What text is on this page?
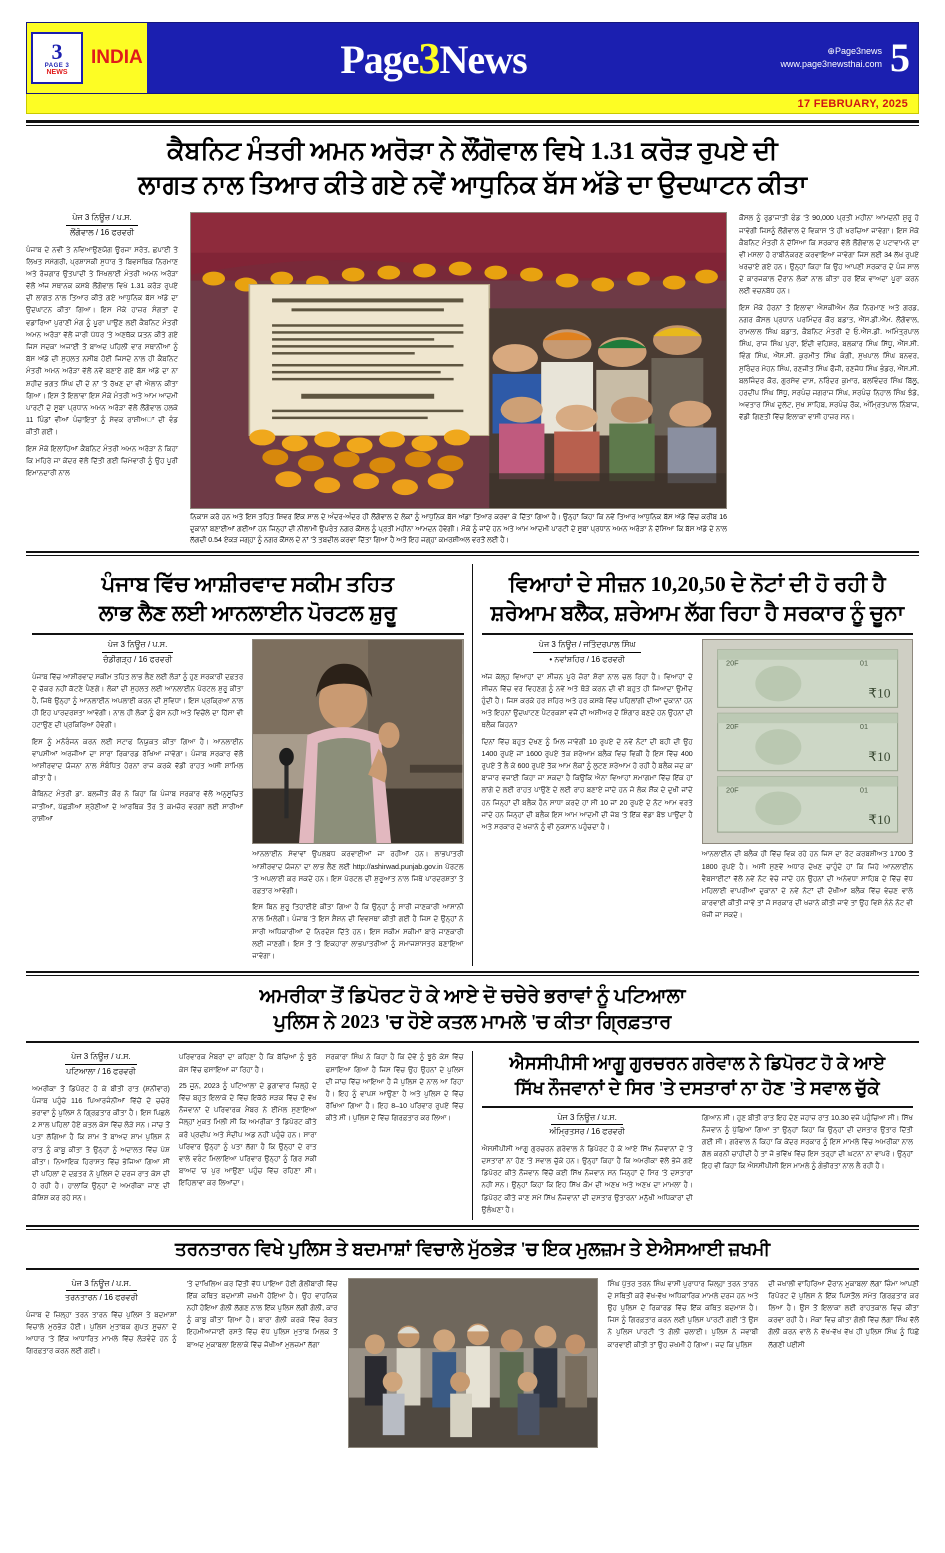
3
PAGE 3
NEWS
INDIA	Page3News	⊕Page3news
www.page3newsthai.com 5
17 FEBRUARY, 2025
ਕੈਬਨਿਟ ਮੰਤਰੀ ਅਮਨ ਅਰੋੜਾ ਨੇ ਲੌਂਗੋਵਾਲ ਵਿਖੇ 1.31 ਕਰੋੜ ਰੁਪਏ ਦੀ
ਲਾਗਤ ਨਾਲ ਤਿਆਰ ਕੀਤੇ ਗਏ ਨਵੇਂ ਆਧੁਨਿਕ ਬੱਸ ਅੱਡੇ ਦਾ ਉਦਘਾਟਨ ਕੀਤਾ
ਪੇਜ 3 ਨਿਊਜ਼ / ਪ.ਸ.
ਲੌਂਗੋਵਾਲ / 16 ਫਰਵਰੀ

ਪੰਜਾਬ ਦੇ ਨਵੀਂ ਤੇ ਨਵਿਆਉਣਯੋਗ ਊਰਜਾ ਸਰੋਤ, ਛਪਾਈ ਤੇ ਲਿਖਤ ਸਮੱਗਰੀ, ਪ੍ਰਸ਼ਾਸਕੀ ਸੁਧਾਰ ਤੇ ਬਿਵਸਥਿਕ ਨਿਰਮਾਣ ਅਤੇ ਰੋਜ਼ਗਾਰ ਉਤਪਾਦੀ ਤੇ ਸਿਖਲਾਈ ਮੰਤਰੀ ਅਮਨ ਅਰੋੜਾ ਵੱਲੋਂ ਅੱਜ ਸਥਾਨਕ ਕਸਬੇ ਲੌਂਗੋਵਾਲ ਵਿਖੇ 1.31 ਕਰੋੜ ਰੁਪਏ ਦੀ ਲਾਗਤ ਨਾਲ ਤਿਆਰ ਕੀਤੇ ਗਏ ਆਧੁਨਿਕ ਬੱਸ ਅੱਡੇ ਦਾ ਉਦਘਾਟਨ ਕੀਤਾ ਗਿਆ। ਇਸ ਮੌਕੇ ਹਾਜ਼ਰ ਸੰਗਤਾਂ ਦੇ ਵਡਾਰਿਆਂ ਪੁਰਾਣੀ ਮੰਗ ਨੂੰ ਪੂਰਾ ਪਾਉਣ ਲਈ ਕੈਬਨਿਟ ਮੰਤਰੀ ਅਮਨ ਅਰੋੜਾ ਵੱਲੋਂ ਜਾਰੀ ਪੱਧਰ 'ਤੇ ਅਣਥੱਕ ਯਤਨ ਕੀਤੇ ਗਏ ਜਿਸ ਸਦਕਾ ਅਜਾਈ ਤੋਂ ਬਾਅਦ ਪਹਿਲੀ ਵਾਰ ਸਥਾਨੀਆਂ ਨੂੰ ਬੱਸ ਅੱਡੇ ਦੀ ਸੁਹਲਤ ਨਸੀਬ ਹੋਈ ਜਿਸਦੇ ਨਾਲ ਹੀ ਕੈਬਨਿਟ ਮੰਤਰੀ ਅਮਨ ਅਰੋੜਾ ਵੱਲੋਂ ਨਵੇਂ ਬਣਾਏ ਗਏ ਬੱਸ ਅੱਡੇ ਦਾ ਨਾ ਸ਼ਹੀਦ ਭਗਤ ਸਿੰਘ ਦੀ ਦੇ ਨਾਂ 'ਤੇ ਰੱਖਣ ਦਾ ਵੀ ਐਲਾਨ ਕੀਤਾ ਗਿਆ। ਇਸ ਤੋਂ ਇਲਾਵਾ ਇਸ ਮੌਕੇ ਮੰਤਰੀ ਅਤੇ ਆਮ ਆਦਮੀ ਪਾਰਟੀ ਦੇ ਸੂਬਾ ਪ੍ਰਧਾਨ ਅਮਨ ਅਰੋੜਾ ਵੱਲੋਂ ਲੌਂਗੋਵਾਲ ਹਲਕੇ 11 ਪਿੰਡਾਂ ਵੀਆਂ ਪੰਚਾਇਤਾਂ ਨੂੰ ਸੇਵਕ ਰਾਸ਼ੀਅਾਂ ਦੀ ਵੰਡ ਕੀਤੀ ਗਈ।

ਇਸ ਮੌਕੇ ਇਲਾਹਿਆਂ ਕੈਬਨਿਟ ਮੰਤਰੀ ਅਮਨ ਅਰੋੜਾ ਨੇ ਕਿਹਾ ਕਿ ਮਹਿਰੇ ਜਾ ਕੇਂਦਰ ਵੱਲੋਂ ਦਿੱਤੀ ਗਈ ਜ਼ਿਮੇਵਾਰੀ ਨੂੰ ਉਹ ਪੂਰੀ ਇਮਾਨਦਾਰੀ ਨਾਲ

ਨਿਕਾਸ ਕਰੋ ਹਨ ਅਤੇ ਇਸ ਤਹਿਤ ਸ਼ਿਵਰ ਇੱਕ ਸਾਲ ਦੇ ਅੰਦਰ-ਅੰਦਰ ਹੀ ਲੌਂਗੋਵਾਲ ਦੇ ਲੋਕਾਂ ਨੂੰ ਆਧੁਨਿਕ ਬੱਸ ਅੱਡਾ ਤਿਆਰ ਕਰਵਾ ਕੇ ਦਿੱਤਾ ਗਿਆ ਹੈ। ਉਨ੍ਹਾਂ ਕਿਹਾ ਕਿ ਨਵੇਂ ਤਿਆਰ ਆਧੁਨਿਕ ਬੱਸ ਅੱਡੇ ਵਿੱਚ ਕਰੀਬ 16 ਦੁਕਾਨਾਂ ਬਣਾਈਆਂ ਗਈਆਂ ਹਨ ਜਿਨ੍ਹਾਂ ਦੀ ਨੀਲਾਮੀ ਉਪਰੰਤ ਨਗਰ ਕੌਂਸਲ ਨੂੰ ਪ੍ਰਤੀ ਮਹੀਨਾ ਆਮਦਨ ਹੋਵੇਗੀ। ਮੌਕੇ ਨੂੰ ਜਾਂਦੇ ਹਨ ਅਤੇ ਆਮ ਆਦਮੀ ਪਾਰਟੀ ਦੇ ਸੂਬਾ ਪ੍ਰਧਾਨ ਅਮਨ ਅਰੋੜਾ ਨੇ ਦੱਸਿਆ ਕਿ ਬੱਸ ਅੱਡੇ ਦੇ ਨਾਲ ਲੱਗਦੀ 0.54 ਏਕੜ ਜਗ੍ਹਾ ਨੂੰ ਨਗਰ ਕੌਂਸਲ ਦੇ ਨਾਂ 'ਤੇ ਤਬਦੀਲ ਕਰਵਾ ਦਿੱਤਾ ਗਿਆ ਹੈ ਅਤੇ ਇਹ ਜਗ੍ਹਾ ਕਮਰਸ਼ੀਅਲ ਵਰਤੋਂ ਲਈ ਹੈ।

ਕੌਂਸਲ ਨੂੰ ਰੁਡਾਜਾਤੀ ਫੰਡ 'ਤੇ 90,000 ਪ੍ਰਤੀ ਮਹੀਨਾ ਆਮਦਨੀ ਸ਼ੁਰੂ ਹੋ ਜਾਵੇਗੀ ਜਿਸਨੂੰ ਲੌਂਗੋਵਾਲ ਦੇ ਵਿਕਾਸ 'ਤੇ ਹੀ ਖਰਚਿਆ ਜਾਵੇਗਾ। ਇਸ ਮੌਕੇ ਕੈਬਨਿਟ ਮੰਤਰੀ ਨੇ ਦੱਸਿਆ ਕਿ ਸਰਕਾਰ ਵੱਲੋਂ ਲੌਂਗੋਵਾਲ ਦੇ ਪਟਾਵਾਮਨੇ ਦਾ ਵੀ ਮਸਲਾ ਹੋ ਰਾਬੀਨੇਕਰਣ ਕਰਵਾਇਆ ਜਾਵੇਗਾ ਜਿਸ ਲਈ 34 ਲੱਖ ਰੁਪਏ ਖਰਚਾਏ ਗਏ ਹਨ। ਉਨ੍ਹਾਂ ਕਿਹਾ ਕਿ ਉਹ ਆਪਣੀ ਸਰਕਾਰ ਦੇ ਪੰਜ ਸਾਲ ਦੇ ਕਾਰਜਕਾਲ ਦੌਰਾਨ ਲੋਕਾਂ ਨਾਲ ਕੀਤਾ ਹਰ ਇੱਕ ਵਾਅਦਾ ਪੂਰਾ ਕਰਨ ਲਈ ਵਚਨਬੱਧ ਹਨ।

ਇਸ ਮੌਕੇ ਹੋਰਨਾਂ ਤੋਂ ਇਲਾਵਾ ਐਸਕੀਐਮ ਲੋਕ ਨਿਰਮਾਣ ਅਤੇ ਗਰਡ, ਨਗਰ ਕੌਂਸਲ ਪ੍ਰਧਾਨ ਪਰਮਿੰਦਰ ਕੌਰ ਬਡਾਤ, ਐੱਸ.ਡੀ.ਐੱਮ. ਲੌਂਗੋਵਾਲ, ਰਾਮਲਾਲ ਸਿੰਘ ਬਡਾਤ, ਕੈਬਨਿਟ ਮੰਤਰੀ ਦੇ ਓ.ਐੱਸ.ਡੀ. ਅਮਿੰਤ੍ਰਪਾਲ ਸਿੰਘ, ਰਾਜ ਸਿੰਘ ਪੁਰਾ, ਇੰਦੀ ਵਹਿਸ਼ਰ, ਬਲਕਾਰ ਸਿੰਘ ਸਿੱਧੂ, ਐੱਸ.ਸੀ. ਵਿੰਗ ਸਿੰਘ, ਐੱਸ.ਸੀ. ਕੁਰਮੀਤ ਸਿੰਘ ਕੰਗੀ, ਸੁਖਪਾਲ ਸਿੰਘ ਬਨਵਰ, ਸੁਰਿੰਦਰ ਮੋਹਨ ਸਿੰਘ, ਰਣਜੀਤ ਸਿੰਘ ਫੌਜੀ, ਰਣਜੋਧ ਸਿੰਘ ਭੰਡਰ, ਐੱਸ.ਸੀ. ਬਲਜਿੰਦਰ ਕੌਰ, ਗੁਰਸੇਵ ਦਾਸ, ਨਰਿੰਦਰ ਕੁਮਾਰ, ਬਲਵਿੰਦਰ ਸਿੰਘ ਬਿੱਲੂ, ਹਰਦੀਪ ਸਿੰਘ ਸਿੱਧੂ, ਸਰਪੰਚ ਜਗਰਾਜ ਸਿੰਘ, ਸਰਪੰਚ ਨਿਹਾਲ ਸਿੰਘ ਝੰਡੇ, ਅਵਤਾਰ ਸਿੰਘ ਦੁਲੱਟ, ਸੁਖ ਸਾਹਿਬ, ਸਰਪੰਚ ਰੌਕ, ਅੰਮ੍ਰਿਤਪਾਲ ਨਿੰਬਾਜ, ਵੱਡੀ ਗਿਣਤੀ ਵਿੱਚ ਇਲਾਕਾ ਵਾਸੀ ਹਾਜ਼ਰ ਸਨ।

ਪੰਜਾਬ ਵਿੱਚ ਆਸ਼ੀਰਵਾਦ ਸਕੀਮ ਤਹਿਤ
ਲਾਭ ਲੈਣ ਲਈ ਆਨਲਾਈਨ ਪੋਰਟਲ ਸ਼ੁਰੂ
ਪੇਜ 3 ਨਿਊਜ਼ / ਪ.ਸ.
ਚੰਡੀਗੜ੍ਹ / 16 ਫਰਵਰੀ

ਪੰਜਾਬ ਵਿੱਚ ਆਸ਼ੀਰਵਾਦ ਸਕੀਮ ਤਹਿਤ ਲਾਭ ਲੈਣ ਲਈ ਲੋੜਾਂ ਨੂੰ ਹੁਣ ਸਰਕਾਰੀ ਦਫ਼ਤਰ ਦੇ ਚੱਕਰ ਨਹੀਂ ਕੱਟਣੇ ਪੈਣਗੇ। ਲੋਕਾਂ ਦੀ ਸੁਹਲਤ ਲਈ ਆਨਲਾਈਨ ਪੋਰਟਲ ਸ਼ੁਰੂ ਕੀਤਾ ਹੈ, ਜਿਥੇ ਉਨ੍ਹਾਂ ਨੂੰ ਆਨਲਾਈਨ ਅਪਲਾਈ ਕਰਨ ਦੀ ਸੁਵਿਧਾ। ਇਸ ਪ੍ਰਕ੍ਰਿਆ ਨਾਲ ਹੀ ਇਹ ਪਾਰਦਰਸ਼ਤਾ ਆਵੇਗੀ। ਨਾਲ ਹੀ ਲੋਕਾਂ ਨੂੰ ਫੇਸ ਨਹੀਂ ਅਤੇ ਵਿਚੋਂਲੇ ਦਾ ਹਿੱਸਾ ਵੀ ਹਟਾਉਣ ਦੀ ਪ੍ਰਕਿਰਿਆ ਹੋਵੇਗੀ।

ਇਸ ਨੂੰ ਮਨੋਰੰਜਨ ਕਰਨ ਲਈ ਸਟਾਫ ਨਿਯੁਕਤ ਕੀਤਾ ਗਿਆ ਹੈ। ਆਨਲਾਈਨ ਵਾਪਸੀਆਂ ਅਰਜੀਆਂ ਦਾ ਸਾਰਾ ਰਿਕਾਰਡ ਰੱਖਿਆ ਜਾਵੇਗਾ। ਪੰਜਾਬ ਸਰਕਾਰ ਵੱਲੋਂ ਆਸ਼ੀਰਵਾਦ ਯੋਜਨਾ ਨਾਲ ਸੰਬੰਧਿਤ ਹੋਰਨਾਂ ਰਾਜ ਕਰਕੇ ਵੱਡੀ ਰਾਹਤ ਅਸੀਂ ਸ਼ਾਮਿਲ ਕੀਤਾ ਹੈ।

ਕੈਬਿਨਟ ਮੰਤਰੀ ਡਾ. ਬਲਜੀਤ ਕੌਰ ਨੇ ਕਿਹਾ ਕਿ ਪੰਜਾਬ ਸਰਕਾਰ ਵੱਲੋਂ ਅਨੁਸੂਚਿਤ ਜਾਤੀਆਂ, ਪੱਛੜੀਆਂ ਸ਼੍ਰੇਣੀਆਂ ਦੇ ਆਰਥਿਕ ਤੌਰ ਤੇ ਕਮਜ਼ੋਰ ਵਰਗਾਂ ਲਈ ਸਾਰੀਆਂ ਰਾਸ਼ੀਆਂ

ਆਨਲਾਈਨ ਸੇਵਾਵਾਂ ਉਪਲਬਧ ਕਰਵਾਈਆਂ ਜਾ ਰਹੀਆਂ ਹਨ। ਲਾਭਪਾਤਰੀ ਆਸ਼ੀਰਵਾਦ ਯੋਜਨਾ ਦਾ ਲਾਭ ਲੈਣ ਲਈ http://ashirwad.punjab.gov.in ਪੋਰਟਲ 'ਤੇ ਅਪਲਾਈ ਕਰ ਸਕਦੇ ਹਨ। ਇਸ ਪੋਰਟਲ ਦੀ ਸ਼ੁਰੂਆਤ ਨਾਲ ਜਿਥੇ ਪਾਰਦਰਸ਼ਤਾ ਤੇ ਰਫ਼ਤਾਰ ਆਵੇਗੀ।

ਇਸ ਬਿਨ ਸ਼ੁਰੂ ਤਿਹਾਈਏ ਕੀਤਾ ਗਿਆ ਹੈ ਕਿ ਉਨ੍ਹਾਂ ਨੂੰ ਸਾਰੀ ਜਾਣਕਾਰੀ ਆਸਾਨੀ ਨਾਲ ਮਿਲੇਗੀ। ਪੰਜਾਬ 'ਤੇ ਇਸ ਸ਼ੈਸ਼ਨ ਦੀ ਵਿਵਸਥਾ ਕੀਤੀ ਗਈ ਹੈ ਜਿਸ ਦੇ ਉਨ੍ਹਾਂ ਨੇ ਸਾਰੀ ਅਧਿਕਾਰੀਆਂ ਦੇ ਨਿਰਦੇਸ਼ ਦਿੱਤੇ ਹਨ। ਇਸ ਸਕੀਮ ਸਕੀਮਾਂ ਬਾਰੇ ਜਾਣਕਾਰੀ ਲਈ ਜਾਣਗੀ। ਇਸ ਤੋਂ 'ਤੇ ਇਕਹਾਰਾ ਲਾਭਪਾਤਰੀਆਂ ਨੂੰ ਸਮਾਜਸ਼ਾਸਤਰ ਬਣਾਇਆ ਜਾਵੇਗਾ।

ਵਿਆਹਾਂ ਦੇ ਸੀਜ਼ਨ 10,20,50 ਦੇ ਨੋਟਾਂ ਦੀ ਹੋ ਰਹੀ ਹੈ
ਸ਼ਰੇਆਮ ਬਲੈਕ, ਸ਼ਰੇਆਮ ਲੱਗ ਰਿਹਾ ਹੈ ਸਰਕਾਰ ਨੂੰ ਚੂਨਾ
ਪੇਜ 3 ਨਿਊਜ਼ / ਜਤਿੰਦਰਪਾਲ ਸਿੰਘ
• ਨਵਾਂਸ਼ਹਿਰ / 16 ਫਰਵਰੀ

ਅੱਜ ਕੱਲ੍ਹ ਵਿਆਹਾਂ ਦਾ ਸੀਜ਼ਨ ਪੂਰੇ ਜ਼ੋਰਾਂ ਸ਼ੋਰਾਂ ਨਾਲ ਚਲ ਰਿਹਾ ਹੈ। ਵਿਆਹਾਂ ਦੇ ਸੀਜ਼ਨ ਵਿੱਚ ਵਰ ਵਿਹਣਗ ਨੂੰ ਨਵੇਂ ਅਤੇ ਥੋੜੇ ਕਰਨ ਦੀ ਵੀ ਬਹੁਤ ਹੀ ਜਿਆਦਾ ਉਮੀਦ ਹੁੰਦੀ ਹੈ। ਜਿਸ ਕਰਕੇ ਹਰ ਸ਼ਹਿਰ ਅਤੇ ਹਰ ਕਸਬੇ ਵਿੱਚ ਪਹਿਲਾਂਗੀ ਦੀਆਂ ਦੁਕਾਨਾਂ ਹਨ ਅਤੇ ਇਹਨਾਂ ਉਦਘਾਟਣ ਪੈਟਰਕਸ਼ਾਂ ਵਜੋਂ ਦੀ ਅਸ਼ੀਅਰ ਦੇ ਸ਼ਿੰਗਾਰ ਬਣਦੇ ਹਨ ਉਹਨਾਂ ਦੀ ਥਲੈਕ ਕਿਹਨ?

ਦਿਨਾਂ ਵਿੱਚ ਬਹੁਤ ਦੇਖਣ ਨੂੰ ਮਿਲ ਜਾਵੇਗੀ 10 ਰੁਪਏ ਦੇ ਨਵੇਂ ਨੋਟਾਂ ਦੀ ਬਹੀ ਦੀ ਉਹ 1400 ਰੁਪਏ ਜਾਂ 1600 ਰੁਪਏ ਤੱਕ ਸ਼ਰੇਆਮ ਬਲੈਕ ਵਿਚ ਵਿਕੀ ਹੈ ਇਸ ਵਿੱਚ 400 ਰੁਪਏ ਤੋਂ ਲੈ ਕੇ 600 ਰੁਪਏ ਤੱਕ ਆਮ ਲੋਕਾਂ ਨੂੰ ਲੁਟਣ ਸ਼ਰੇਆਮ ਹੋ ਰਹੀ ਹੈ ਬਲੈਕ ਜਦ ਕਾ ਬਾਜਾਰ ਵਜਾਈ ਕਿਹਾ ਜਾ ਸਕਦਾ ਹੈ ਕਿਉਂਕਿ ਐਨਾ ਵਿਆਹਾਂ ਸਮਾਗਮਾਂ ਵਿੱਚ ਇੱਕ ਹਾਂ ਲਾਂਗੇ ਦੇ ਲਈ ਰਾਹਤ ਪਾਉਣੇ ਦੇ ਲਈ ਰਾਹ ਬਣਾਏ ਜਾਂਦੇ ਹਨ ਜੋ ਲੋਕ ਸ਼ੌਂਕ ਦੇ ਦੁਖੀ ਜਾਂਦੇ ਹਨ ਜਿਨ੍ਹਾਂ ਦੀ ਬਲੈਕ ਹੈਨ ਸਾਧਾ ਕਰਦੇ ਹਾਂ ਸੀ 10 ਜਾਂ 20 ਰੁਪਏ ਦੇ ਨੋਟ ਆਮ ਵਰਤੇ ਜਾਂਦੇ ਹਨ ਜਿਨ੍ਹਾਂ ਦੀ ਬਲੈਕ ਇਸ ਆਮ ਆਦਮੀ ਦੀ ਜੇਬ 'ਤੇ ਇੱਕ ਵੱਡਾ ਬੋਝ ਪਾਉਂਦਾ ਹੈ ਅਤੇ ਸਰਕਾਰ ਦੇ ਖਜ਼ਾਨੇ ਨੂੰ ਵੀ ਨੁਕਸਾਨ ਪਹੁੰਚਦਾ ਹੈ।

20F	01
₹10
20F	01
₹10
20F	01
₹10
ਆਨਲਾਈਨ ਦੀ ਬਲੈਕ ਹੀ ਵਿੱਚ ਵਿਕ ਰਹੇ ਹਨ ਜਿਸ ਦਾ ਰੇਟ ਕਰਬਸ਼ੀਅਤ 1700 ਤੋਂ 1800 ਰੁਪਏ ਹੈ। ਅਸੀਂ ਸੁਣਵੇਂ ਅਧਾਰ ਦੇਖਣ ਚਾਹੁੰਦੇ ਹਾਂ ਕਿ ਜਿਹੇ ਆਨਲਾਈਨ ਵੈਬਸਾਈਟਾਂ ਵੱਲੋਂ ਨਵੇਂ ਨੋਟ ਵੇਚੇ ਜਾਂਦੇ ਹਨ ਉਹਨਾਂ ਦੀ ਅਨੇਵਧਾ ਸਾਹਿਬ ਦੇ ਵਿੱਚ ਵੱਧ ਮਹਿਲਾਈ ਵਾਪਰੀਆਂ ਦੁਕਾਨਾਂ ਦੇ ਨਵੇਂ ਨੋਟਾਂ ਦੀ ਦੋਖੀਆਂ ਬਲੈਕ ਵਿੱਚ ਵੇਚਣ ਵਾਲੇ ਕਾਰਵਾਈ ਕੀਤੀ ਜਾਵੇ ਤਾਂ ਜੋ ਸਰਕਾਰ ਦੀ ਖਜ਼ਾਨੇ ਕੀਤੀ ਜਾਵੇ ਤਾਂ ਉਹ ਵਿਸ਼ੇ ਨੰਨੇ ਨੋਟ ਵੀ ਖੋਜੀ ਜਾ ਸਕਦੇ।
ਅਮਰੀਕਾ ਤੋਂ ਡਿਪੋਰਟ ਹੋ ਕੇ ਆਏ ਦੋ ਚਚੇਰੇ ਭਰਾਵਾਂ ਨੂੰ ਪਟਿਆਲਾ
ਪੁਲਿਸ ਨੇ 2023 'ਚ ਹੋਏ ਕਤਲ ਮਾਮਲੇ 'ਚ ਕੀਤਾ ਗ੍ਰਿਫ਼ਤਾਰ
ਪੇਜ 3 ਨਿਊਜ਼ / ਪ.ਸ.
ਪਟਿਆਲਾ / 16 ਫਰਵਰੀ

ਅਮਰੀਕਾ ਤੋਂ ਡਿਪੋਰਟ ਹੋ ਕੇ ਬੀਤੀ ਰਾਤ (ਸ਼ਨੀਵਾਰ) ਪੰਜਾਬ ਪਹੁੰਚੇ 116 ਪਿਆਰਜੰਨੀਆਂ ਵਿੱਚੋਂ ਦੋ ਚਚੇਰੇ ਭਰਾਵਾਂ ਨੂੰ ਪੁਲਿਸ ਨੇ ਗ੍ਰਿਫ਼ਤਾਰ ਕੀਤਾ ਹੈ। ਇਸ ਪਿਛਲੇ 2 ਸਾਲ ਪਹਿਲਾਂ ਹੋਏ ਕਤਲ ਕੇਸ ਵਿੱਚ ਲੋੜੇ ਸਨ। ਜਾਂਚ ਤੋਂ ਪਤਾ ਲੱਗਿਆ ਹੈ ਕਿ ਸ਼ਾਮ ਤੋਂ ਬਾਅਦ ਸ਼ਾਮ ਪੁਲਿਸ ਨੇ ਰਾਤ ਨੂੰ ਕਾਬੂ ਕੀਤਾ ਤੇ ਉਨ੍ਹਾਂ ਨੂੰ ਅਦਾਲਤ ਵਿੱਚ ਪੇਸ਼ ਕੀਤਾ। ਨਿਆਇਕ ਹਿਰਾਸਤ ਵਿੱਚ ਭੇਜਿਆ ਗਿਆ ਸੀ ਦੀ ਪਹਿਲਾਂ ਦੇ ਦਫ਼ਤਰ ਨੇ ਪੁਲਿਸ ਦੇ ਦਰਜ ਰਾਤ ਕੇਸ ਦੀ ਹੋ ਰਹੀ ਹੈ। ਹਾਲਾਂਕਿ ਉਨ੍ਹਾਂ ਦੇ ਅਮਰੀਕਾ ਜਾਣ ਦੀ ਕੋਸ਼ਿਸ਼ ਕਰ ਰਹੇ ਸਨ।

ਪਰਿਵਾਰਕ ਮੈਂਬਰਾਂ ਦਾ ਕਹਿਣਾ ਹੈ ਕਿ ਬੱਚਿਆਂ ਨੂੰ ਝੂਠੇ ਕੇਸ ਵਿੱਚ ਫਸਾਇਆ ਜਾ ਰਿਹਾ ਹੈ।

25 ਜੂਨ, 2023 ਨੂੰ ਪਟਿਆਲਾ ਦੇ ਡੁਗਾਵਾਰ ਜ਼ਿਲ੍ਹੇ ਦੇ ਵਿੱਚ ਬਹੁਤ ਇਲਾਕੇ ਦੇ ਵਿੱਚ ਇਕੱਠੇ ਸੜਕ ਵਿੱਚ ਦੋ ਵੱਖ ਨੌਜਵਾਨਾਂ ਦੇ ਪਰਿਵਾਰਕ ਮੈਂਬਰ ਨੇ ਈਮੇਲ ਸੁਣਾਇਆ ਜੇਲ੍ਹਾਂ ਮੁਕਤ ਮਿਲੀ ਸੀ ਕਿ ਅਮਰੀਕਾ ਤੋਂ ਡਿਪੋਰਟ ਕੀਤੇ ਕਰੋ ਪ੍ਰਦੀਪ ਅਤੇ ਸੰਦੀਪ ਅਡ ਨਹੀਂ ਪਹੁੰਚੇ ਹਨ। ਸਾਰਾ ਪਰਿਵਾਰ ਉਨ੍ਹਾਂ ਨੂੰ ਪਤਾ ਲੱਗਾ ਹੈ ਕਿ ਉਨ੍ਹਾਂ ਦੇ ਰਾਤ ਵਾਲੇ ਵਰੰਟ ਮਿਲਾਇਆ ਪਰਿਵਾਰ ਉਨ੍ਹਾਂ ਨੂੰ ਗਿਰ ਸਕੀ ਬਾਅਦ 'ਚ ਪੁਰ ਆਉਣਾ ਪਹੁੰਚ ਵਿੱਚ ਰਹਿਣਾ ਸੀ। ਇਹਿਲਾਵਾ ਕਰ ਲਿਆਂਦਾ।

ਸਰਕਾਰਾ ਸਿੰਘ ਨੇ ਕਿਹਾ ਹੈ ਕਿ ਦੋਵੇਂ ਨੂੰ ਝੂਠੇ ਕੇਸ ਵਿੱਚ ਫਸਾਇਆ ਗਿਆ ਹੈ ਜਿਸ ਵਿੱਚ ਉਹ ਉਹਨਾਂ ਦੇ ਪੁਲਿਸ ਦੀ ਜਾਂਚ ਵਿੱਚ ਆਇਆ ਹੈ ਜੋ ਪੁਲਿਸ ਦੇ ਨਾਲ ਆ ਰਿਹਾ ਹੈ। ਇਹ ਨੂੰ ਵਾਪਸ ਆਉਣਾ ਹੈ ਅਤੇ ਪੁਲਿਸ ਦੇ ਵਿੱਚ ਰੱਖਿਆ ਗਿਆ ਹੈ। ਇਹ 8–10 ਪਰਿਵਾਰ ਰੁਪਏ ਵਿੱਚ ਕੀਤੇ ਸੀ। ਪੁਲਿਸ ਦੇ ਵਿੱਚ ਗਿਰਫ਼ਤਾਰ ਕਰ ਲਿਆ।

ਐਸਸੀਪੀਸੀ ਆਗੂ ਗੁਰਚਰਨ ਗਰੇਵਾਲ ਨੇ ਡਿਪੋਰਟ ਹੋ ਕੇ ਆਏ
ਸਿੱਖ ਨੌਜਵਾਨਾਂ ਦੇ ਸਿਰ 'ਤੇ ਦਸਤਾਰਾਂ ਨਾ ਹੋਣ 'ਤੇ ਸਵਾਲ ਚੁੱਕੇ
ਪੇਜ 3 ਨਿਊਜ਼ / ਪ.ਸ.
ਅੰਮ੍ਰਿਤਸਰ / 16 ਫਰਵਰੀ

ਐਸਸੀਪੀਸੀ ਆਗੂ ਗੁਰਚਰਨ ਗਰੇਵਾਲ ਨੇ ਡਿਪੋਰਟ ਹੋ ਕੇ ਆਏ ਸਿੱਖ ਨੌਜਵਾਨਾਂ ਦੇ 'ਤੇ ਦਸਤਾਰਾਂ ਨਾ ਹੋਣ 'ਤੇ ਸਵਾਲ ਚੁੱਕੇ ਹਨ। ਉਨ੍ਹਾਂ ਕਿਹਾ ਹੈ ਕਿ ਅਮਰੀਕਾ ਵੱਲੋਂ ਭੇਜੇ ਗਏ ਡਿਪੋਰਟ ਕੀਤੇ ਨੌਜਵਾਨ ਵਿੱਚੋਂ ਕਈ ਸਿੱਖ ਨੌਜਵਾਨ ਸਨ ਜਿਨ੍ਹਾਂ ਦੇ ਸਿਰ 'ਤੇ ਦਸਤਾਰਾਂ ਨਹੀਂ ਸਨ। ਉਨ੍ਹਾਂ ਕਿਹਾ ਕਿ ਇਹ ਸਿੱਖ ਕੌਮ ਦੀ ਅਣਖ ਅਤੇ ਅਣਖ ਦਾ ਮਾਮਲਾ ਹੈ। ਡਿਪੋਰਟ ਕੀਤੇ ਜਾਣ ਸਮੇਂ ਸਿੱਖ ਨੌਜਵਾਨਾਂ ਦੀ ਦਸਤਾਰ ਉਤਾਰਨਾ ਮਨੁੱਖੀ ਅਧਿਕਾਰਾਂ ਦੀ ਉਲੰਘਣਾ ਹੈ।

ਗਿਆਨ ਸੀ। ਹੁਣ ਬੀਤੀ ਰਾਤ ਇਹ ਦੇਣ ਜਹਾਜ਼ ਰਾਤ 10.30 ਵਜੇ ਪਹੁੰਚਿਆ ਸੀ। ਸਿੱਖ ਨੌਜਵਾਨ ਨੂੰ ਪੁੱਛਿਆ ਗਿਆ ਤਾਂ ਉਨ੍ਹਾਂ ਕਿਹਾ ਕਿ ਉਨ੍ਹਾਂ ਦੀ ਦਸਤਾਰ ਉਤਾਰ ਦਿੱਤੀ ਗਈ ਸੀ। ਗਰੇਵਾਲ ਨੇ ਕਿਹਾ ਕਿ ਕੇਂਦਰ ਸਰਕਾਰ ਨੂੰ ਇਸ ਮਾਮਲੇ ਵਿੱਚ ਅਮਰੀਕਾ ਨਾਲ ਗੱਲ ਕਰਨੀ ਚਾਹੀਦੀ ਹੈ ਤਾਂ ਜੋ ਭਵਿੱਖ ਵਿੱਚ ਇਸ ਤਰ੍ਹਾਂ ਦੀ ਘਟਨਾ ਨਾ ਵਾਪਰੇ। ਉਨ੍ਹਾਂ ਇਹ ਵੀ ਕਿਹਾ ਕਿ ਐਸਸੀਪੀਸੀ ਇਸ ਮਾਮਲੇ ਨੂੰ ਗੰਭੀਰਤਾ ਨਾਲ ਲੈ ਰਹੀ ਹੈ।

ਤਰਨਤਾਰਨ ਵਿਖੇ ਪੁਲਿਸ ਤੇ ਬਦਮਾਸ਼ਾਂ ਵਿਚਾਲੇ ਮੁੱਠਭੇੜ 'ਚ ਇਕ ਮੁਲਜ਼ਮ ਤੇ ਏਐਸਆਈ ਜ਼ਖਮੀ
ਪੇਜ 3 ਨਿਊਜ਼ / ਪ.ਸ.
ਤਰਨਤਾਰਨ / 16 ਫਰਵਰੀ
ਪੰਜਾਬ ਦੇ ਜ਼ਿਲ੍ਹਾ ਤਰਨ ਤਾਰਨ ਵਿੱਚ ਪੁਲਿਸ ਤੇ ਬਦਮਾਸ਼ਾਂ ਵਿਚਾਲੇ ਮੁਠਭੇੜ ਹੋਈ। ਪੁਲਿਸ ਮੁਤਾਬਕ ਗੁਪਤ ਸੂਚਨਾ ਦੇ ਆਧਾਰ 'ਤੇ ਇੱਕ ਆਧਾਰਿਤ ਮਾਮਲੇ ਵਿੱਚ ਲੋੜਵੰਦੇ ਹਨ ਨੂੰ ਗਿਰਫ਼ਤਾਰ ਕਰਨ ਲਈ ਗਈ।
'ਤੇ ਦਾਖਿਲਿਅ ਕਰ ਦਿੱਤੀ ਵੱਧ ਪਾਇਆ ਹੋਈ ਗੋਲੀਬਾਰੀ ਵਿੱਚ ਇੱਕ ਕਥਿਤ ਬਦਮਾਸ਼ੀ ਜ਼ਖਮੀ ਹੋਇਆ ਹੈ। ਉਹ ਵਾਹਨਿਕ ਨਹੀਂ ਹੋਇਆ ਗੋਲੀ ਲੱਗਣ ਨਾਲ ਇੱਕ ਪੁਲਿਸ ਲੱਗੀ ਗੋਲੀ, ਕਾਰ ਨੂੰ ਕਾਬੂ ਕੀਤਾ ਗਿਆ ਹੈ। ਬਾਰਾ ਗੋਲੀ ਕਰਕੇ ਵਿੱਚ ਰੋਕਤ ਇਹਮੀਆਜਾਈ ਰਸਤੇ ਵਿੱਚ ਵੱਧ ਪੁਲਿਸ ਮੁਤਾਬ ਮਿਲਕ ਤੋਂ ਬਾਅਦ ਮੁਕਾਬਲਾ ਇਲਾਕੇ ਵਿੱਚ ਜੋਖੀਆਂ ਮੁਲਜ਼ਮਾਂ ਲੱਗਾ
ਸਿੰਘ ਪੁੱਤਰ ਤਰਨ ਸਿੰਘ ਵਾਸੀ ਪੁਰਾਧਾਰ ਜ਼ਿਲ੍ਹਾ ਤਰਨ ਤਾਰਨ ਦੇ ਸਥਿਤੀ ਕਰੋ ਵੱਖ-ਵੱਖ ਅਧਿਕਾਰਿਕ ਮਾਮਲੇ ਦਰਜ ਹਨ ਅਤੇ ਉਹ ਪੁਲਿਸ ਦੇ ਰਿਕਾਰਡ ਵਿੱਚ ਇੱਕ ਕਥਿਤ ਬਦਮਾਸ਼ ਹੈ। ਜਿਸ ਨੂੰ ਗਿਰਫ਼ਤਾਰ ਕਰਨ ਲਈ ਪੁਲਿਸ ਪਾਰਟੀ ਗਈ 'ਤੇ ਉਸ ਨੇ ਪੁਲਿਸ ਪਾਰਟੀ 'ਤੇ ਗੋਲੀ ਚਲਾਈ। ਪੁਲਿਸ ਨੇ ਜਵਾਬੀ ਕਾਰਵਾਈ ਕੀਤੀ ਤਾਂ ਉਹ ਜ਼ਖਮੀ ਹੋ ਗਿਆ। ਜਦ ਕਿ ਪੁਲਿਸ
ਦੀ ਜਖਾਲੀ ਵਾਹਿਰਿਆ ਦੌਰਾਨ ਮੁਕਾਬਲਾ ਲੱਗਾ ਜ਼ਿੰਮਾ ਆਪਣੀ ਰਿਪੋਰਟ ਦੇ ਪੁਲਿਸ ਨੇ ਇੱਕ ਪਿਸਤੌਲ ਸਮੇਤ ਗਿਰਫ਼ਤਾਰ ਕਰ ਲਿਆ ਹੈ। ਉਸ ਤੋਂ ਇਲਾਕਾ ਲਈ ਰਾਹਤਕਾਲ ਵਿਚ ਕੀਤਾ ਕਰਵਾ ਰਹੀ ਹੈ। ਮੌਕਾ ਵਿਚ ਕੀਤਾ ਗੋਲੀ ਵਿੱਚ ਲੱਗਾ ਸਿੰਘ ਵੱਲੋਂ ਗੋਲੀ ਕਰਨ ਵਾਲੇ ਨੇ ਵੱਖ-ਵੱਖ ਵੱਖ ਹੀ ਪੁਲਿਸ ਸਿੰਘ ਨੂੰ ਪਿੱਛੋਂ ਲੱਗਣੀ ਪਈਸੀ
